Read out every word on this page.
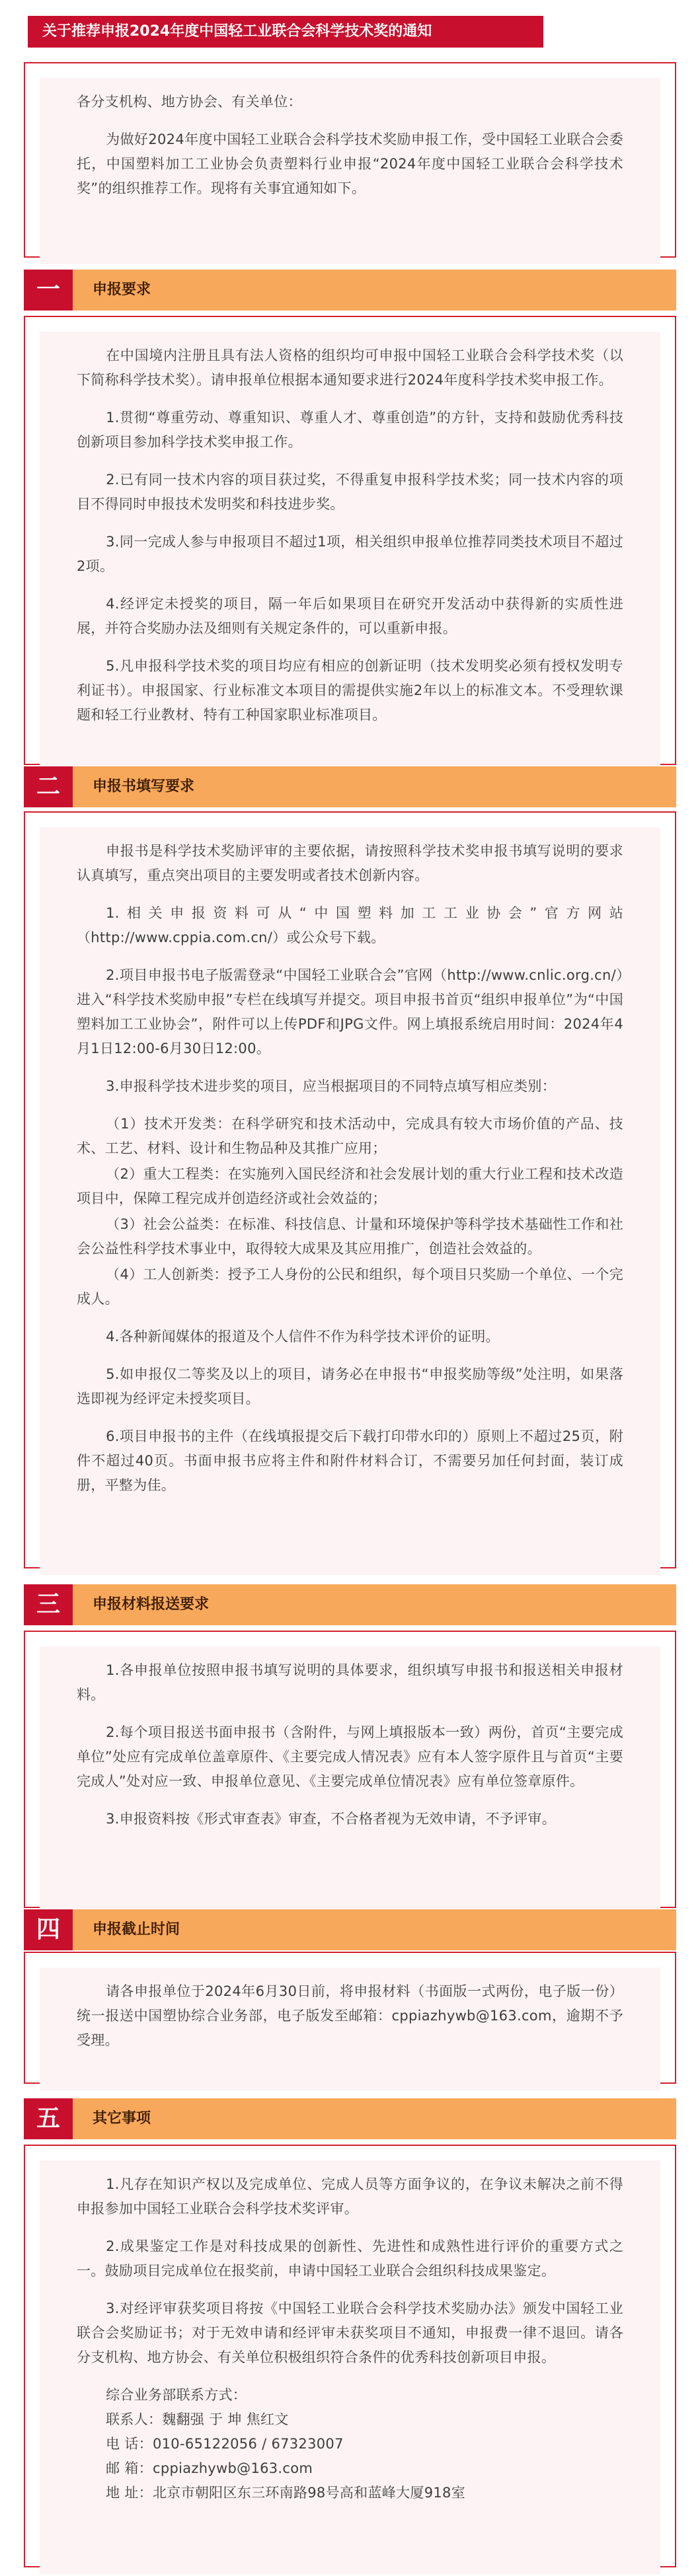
关于推荐申报2024年度中国轻工业联合会科学技术奖的通知

各分支机构、地方协会、有关单位：

为做好2024年度中国轻工业联合会科学技术奖励申报工作，受中国轻工业联合会委托，中国塑料加工工业协会负责塑料行业申报“2024年度中国轻工业联合会科学技术奖”的组织推荐工作。现将有关事宜通知如下。

一	申报要求

在中国境内注册且具有法人资格的组织均可申报中国轻工业联合会科学技术奖（以下简称科学技术奖）。请申报单位根据本通知要求进行2024年度科学技术奖申报工作。

1.贯彻“尊重劳动、尊重知识、尊重人才、尊重创造”的方针，支持和鼓励优秀科技创新项目参加科学技术奖申报工作。

2.已有同一技术内容的项目获过奖，不得重复申报科学技术奖；同一技术内容的项目不得同时申报技术发明奖和科技进步奖。

3.同一完成人参与申报项目不超过1项，相关组织申报单位推荐同类技术项目不超过2项。

4.经评定未授奖的项目，隔一年后如果项目在研究开发活动中获得新的实质性进展，并符合奖励办法及细则有关规定条件的，可以重新申报。

5.凡申报科学技术奖的项目均应有相应的创新证明（技术发明奖必须有授权发明专利证书）。申报国家、行业标准文本项目的需提供实施2年以上的标准文本。不受理软课题和轻工行业教材、特有工种国家职业标准项目。

二	申报书填写要求

申报书是科学技术奖励评审的主要依据，请按照科学技术奖申报书填写说明的要求认真填写，重点突出项目的主要发明或者技术创新内容。

1.相关申报资料可从“中国塑料加工工业协会”官方网站（http://www.cppia.com.cn/）或公众号下载。

2.项目申报书电子版需登录“中国轻工业联合会”官网（http://www.cnlic.org.cn/）进入“科学技术奖励申报”专栏在线填写并提交。项目申报书首页“组织申报单位”为“中国塑料加工工业协会”，附件可以上传PDF和JPG文件。网上填报系统启用时间：2024年4月1日12:00-6月30日12:00。

3.申报科学技术进步奖的项目，应当根据项目的不同特点填写相应类别：

（1）技术开发类：在科学研究和技术活动中，完成具有较大市场价值的产品、技术、工艺、材料、设计和生物品种及其推广应用；

（2）重大工程类：在实施列入国民经济和社会发展计划的重大行业工程和技术改造项目中，保障工程完成并创造经济或社会效益的；

（3）社会公益类：在标准、科技信息、计量和环境保护等科学技术基础性工作和社会公益性科学技术事业中，取得较大成果及其应用推广，创造社会效益的。

（4）工人创新类：授予工人身份的公民和组织，每个项目只奖励一个单位、一个完成人。

4.各种新闻媒体的报道及个人信件不作为科学技术评价的证明。

5.如申报仅二等奖及以上的项目，请务必在申报书“申报奖励等级”处注明，如果落选即视为经评定未授奖项目。

6.项目申报书的主件（在线填报提交后下载打印带水印的）原则上不超过25页，附件不超过40页。书面申报书应将主件和附件材料合订，不需要另加任何封面，装订成册，平整为佳。

三	申报材料报送要求

1.各申报单位按照申报书填写说明的具体要求，组织填写申报书和报送相关申报材料。

2.每个项目报送书面申报书（含附件，与网上填报版本一致）两份，首页“主要完成单位”处应有完成单位盖章原件、《主要完成人情况表》应有本人签字原件且与首页“主要完成人”处对应一致、申报单位意见、《主要完成单位情况表》应有单位签章原件。

3.申报资料按《形式审查表》审查，不合格者视为无效申请，不予评审。

四	申报截止时间

请各申报单位于2024年6月30日前，将申报材料（书面版一式两份，电子版一份）统一报送中国塑协综合业务部，电子版发至邮箱：cppiazhywb@163.com，逾期不予受理。

五	其它事项

1.凡存在知识产权以及完成单位、完成人员等方面争议的，在争议未解决之前不得申报参加中国轻工业联合会科学技术奖评审。

2.成果鉴定工作是对科技成果的创新性、先进性和成熟性进行评价的重要方式之一。鼓励项目完成单位在报奖前，申请中国轻工业联合会组织科技成果鉴定。

3.对经评审获奖项目将按《中国轻工业联合会科学技术奖励办法》颁发中国轻工业联合会奖励证书；对于无效申请和经评审未获奖项目不通知，申报费一律不退回。请各分支机构、地方协会、有关单位积极组织符合条件的优秀科技创新项目申报。

综合业务部联系方式：

联系人：魏翻强 于 坤 焦红文

电 话：010-65122056 / 67323007

邮 箱：cppiazhywb@163.com

地 址：北京市朝阳区东三环南路98号高和蓝峰大厦918室
